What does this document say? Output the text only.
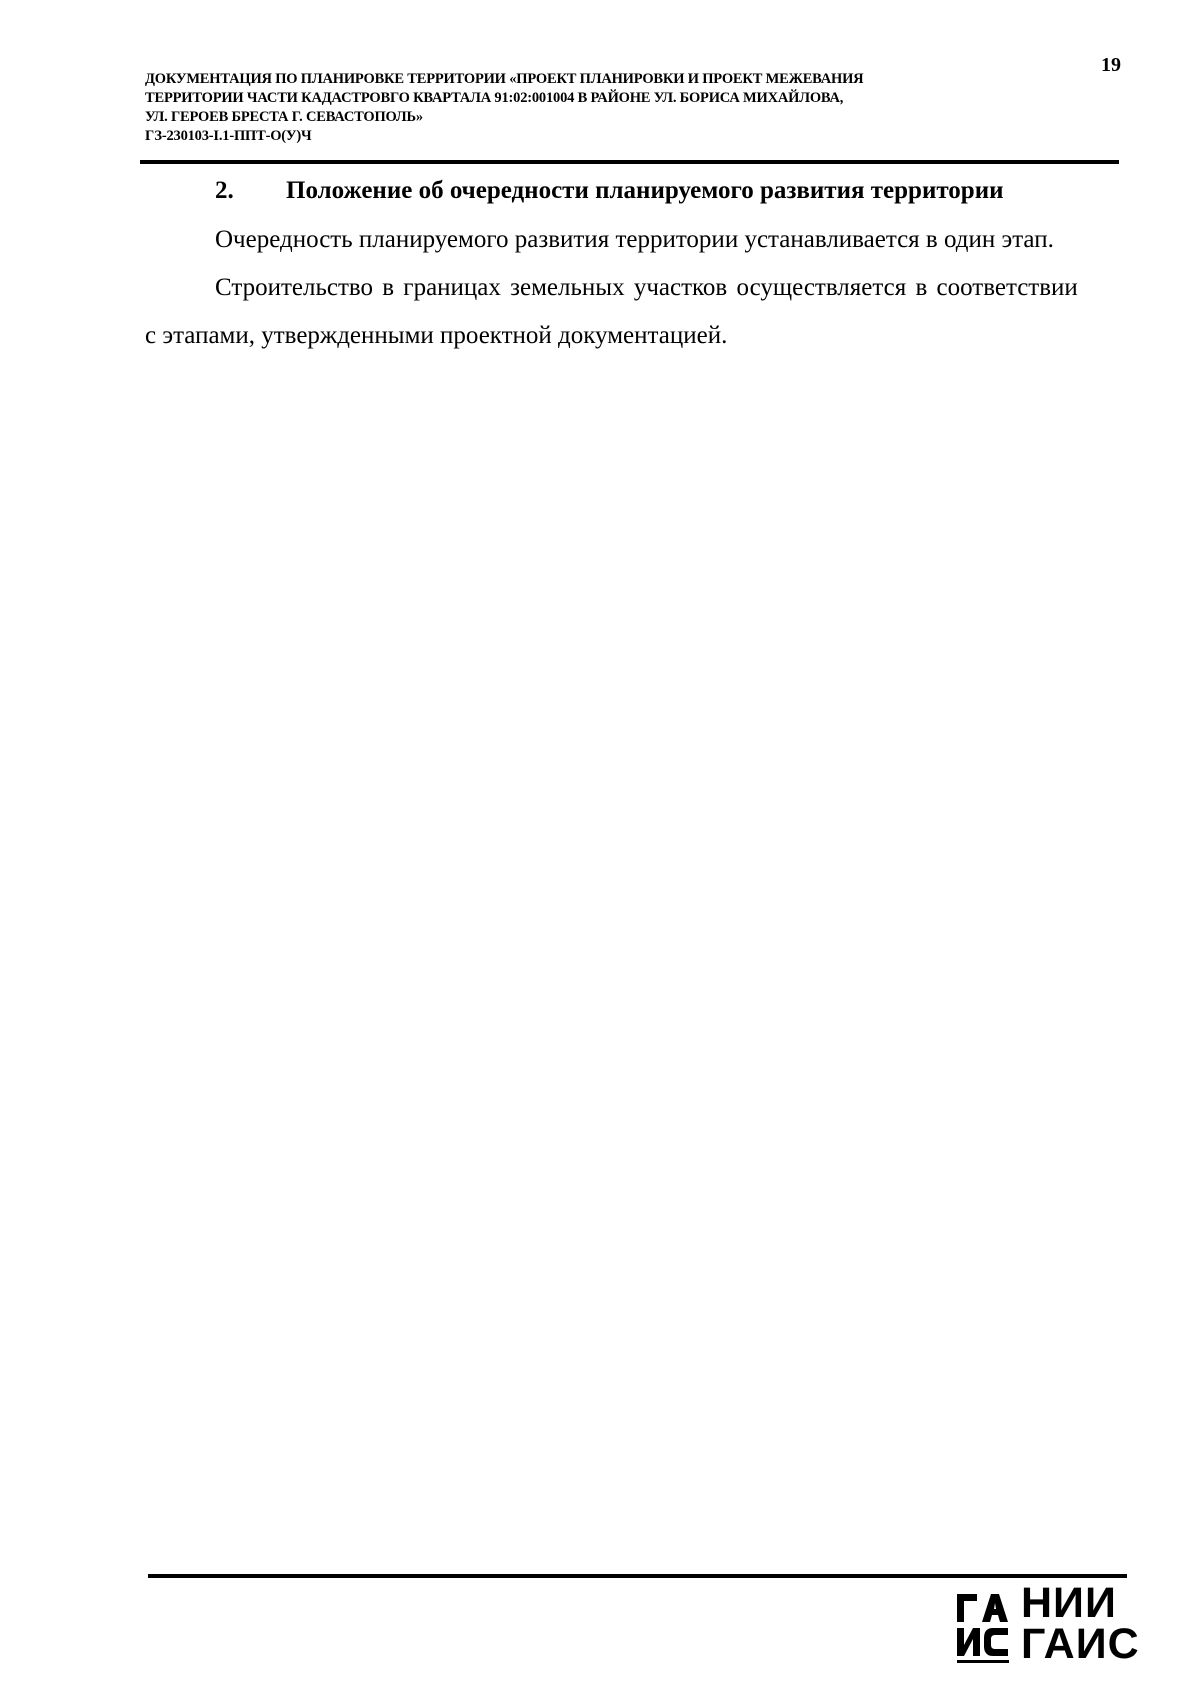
19
ДОКУМЕНТАЦИЯ ПО ПЛАНИРОВКЕ ТЕРРИТОРИИ «ПРОЕКТ ПЛАНИРОВКИ И ПРОЕКТ МЕЖЕВАНИЯ
ТЕРРИТОРИИ ЧАСТИ КАДАСТРОВГО КВАРТАЛА 91:02:001004 В РАЙОНЕ УЛ. БОРИСА МИХАЙЛОВА,
УЛ. ГЕРОЕВ БРЕСТА Г. СЕВАСТОПОЛЬ»
ГЗ-230103-I.1-ППТ-О(У)Ч
2. Положение об очередности планируемого развития территории
Очередность планируемого развития территории устанавливается в один этап.
Строительство в границах земельных участков осуществляется в соответствии
с этапами, утвержденными проектной документацией.
НИИ
ГАИС
